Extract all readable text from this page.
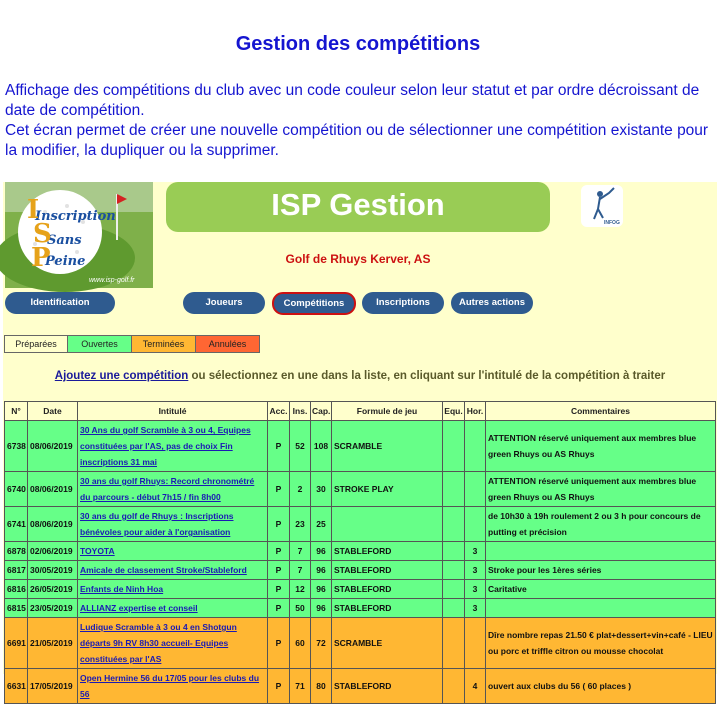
Gestion des compétitions

Affichage des compétitions du club avec un code couleur selon leur statut et par ordre décroissant de date de compétition.

Cet écran permet de créer une nouvelle compétition ou de sélectionner une compétition existante pour la modifier, la dupliquer ou la supprimer.

Inscription
Sans
Peine
I
S
P
www.isp-golf.fr
ISP Gestion
INFOG
Golf de Rhuys Kerver, AS
Identification	Joueurs	Compétitions	Inscriptions	Autres actions
Préparées	Ouvertes	Terminées	Annulées
Ajoutez une compétition ou sélectionnez en une dans la liste, en cliquant sur l'intitulé de la compétition à traiter
N°	Date	Intitulé	Acc.	Ins.	Cap.	Formule de jeu	Equ.	Hor.	Commentaires
6738	08/06/2019	30 Ans du golf Scramble à 3 ou 4, Equipes constituées par l'AS, pas de choix Fin inscriptions 31 mai	P	52	108	SCRAMBLE			ATTENTION réservé uniquement aux membres blue green Rhuys ou AS Rhuys
6740	08/06/2019	30 ans du golf Rhuys: Record chronométré du parcours - début 7h15 / fin 8h00	P	2	30	STROKE PLAY			ATTENTION réservé uniquement aux membres blue green Rhuys ou AS Rhuys
6741	08/06/2019	30 ans du golf de Rhuys : Inscriptions bénévoles pour aider à l'organisation	P	23	25				de 10h30 à 19h roulement 2 ou 3 h pour concours de putting et précision
6878	02/06/2019	TOYOTA	P	7	96	STABLEFORD		3	
6817	30/05/2019	Amicale de classement Stroke/Stableford	P	7	96	STABLEFORD		3	Stroke pour les 1ères séries
6816	26/05/2019	Enfants de Ninh Hoa	P	12	96	STABLEFORD		3	Caritative
6815	23/05/2019	ALLIANZ expertise et conseil	P	50	96	STABLEFORD		3	
6691	21/05/2019	Ludique Scramble à 3 ou 4 en Shotgun départs 9h RV 8h30 accueil- Equipes constituées par l'AS	P	60	72	SCRAMBLE			Dîre nombre repas 21.50 € plat+dessert+vin+café - LIEU ou porc et triffle citron ou mousse chocolat
6631	17/05/2019	Open Hermine 56 du 17/05 pour les clubs du 56	P	71	80	STABLEFORD		4	ouvert aux clubs du 56 ( 60 places )
